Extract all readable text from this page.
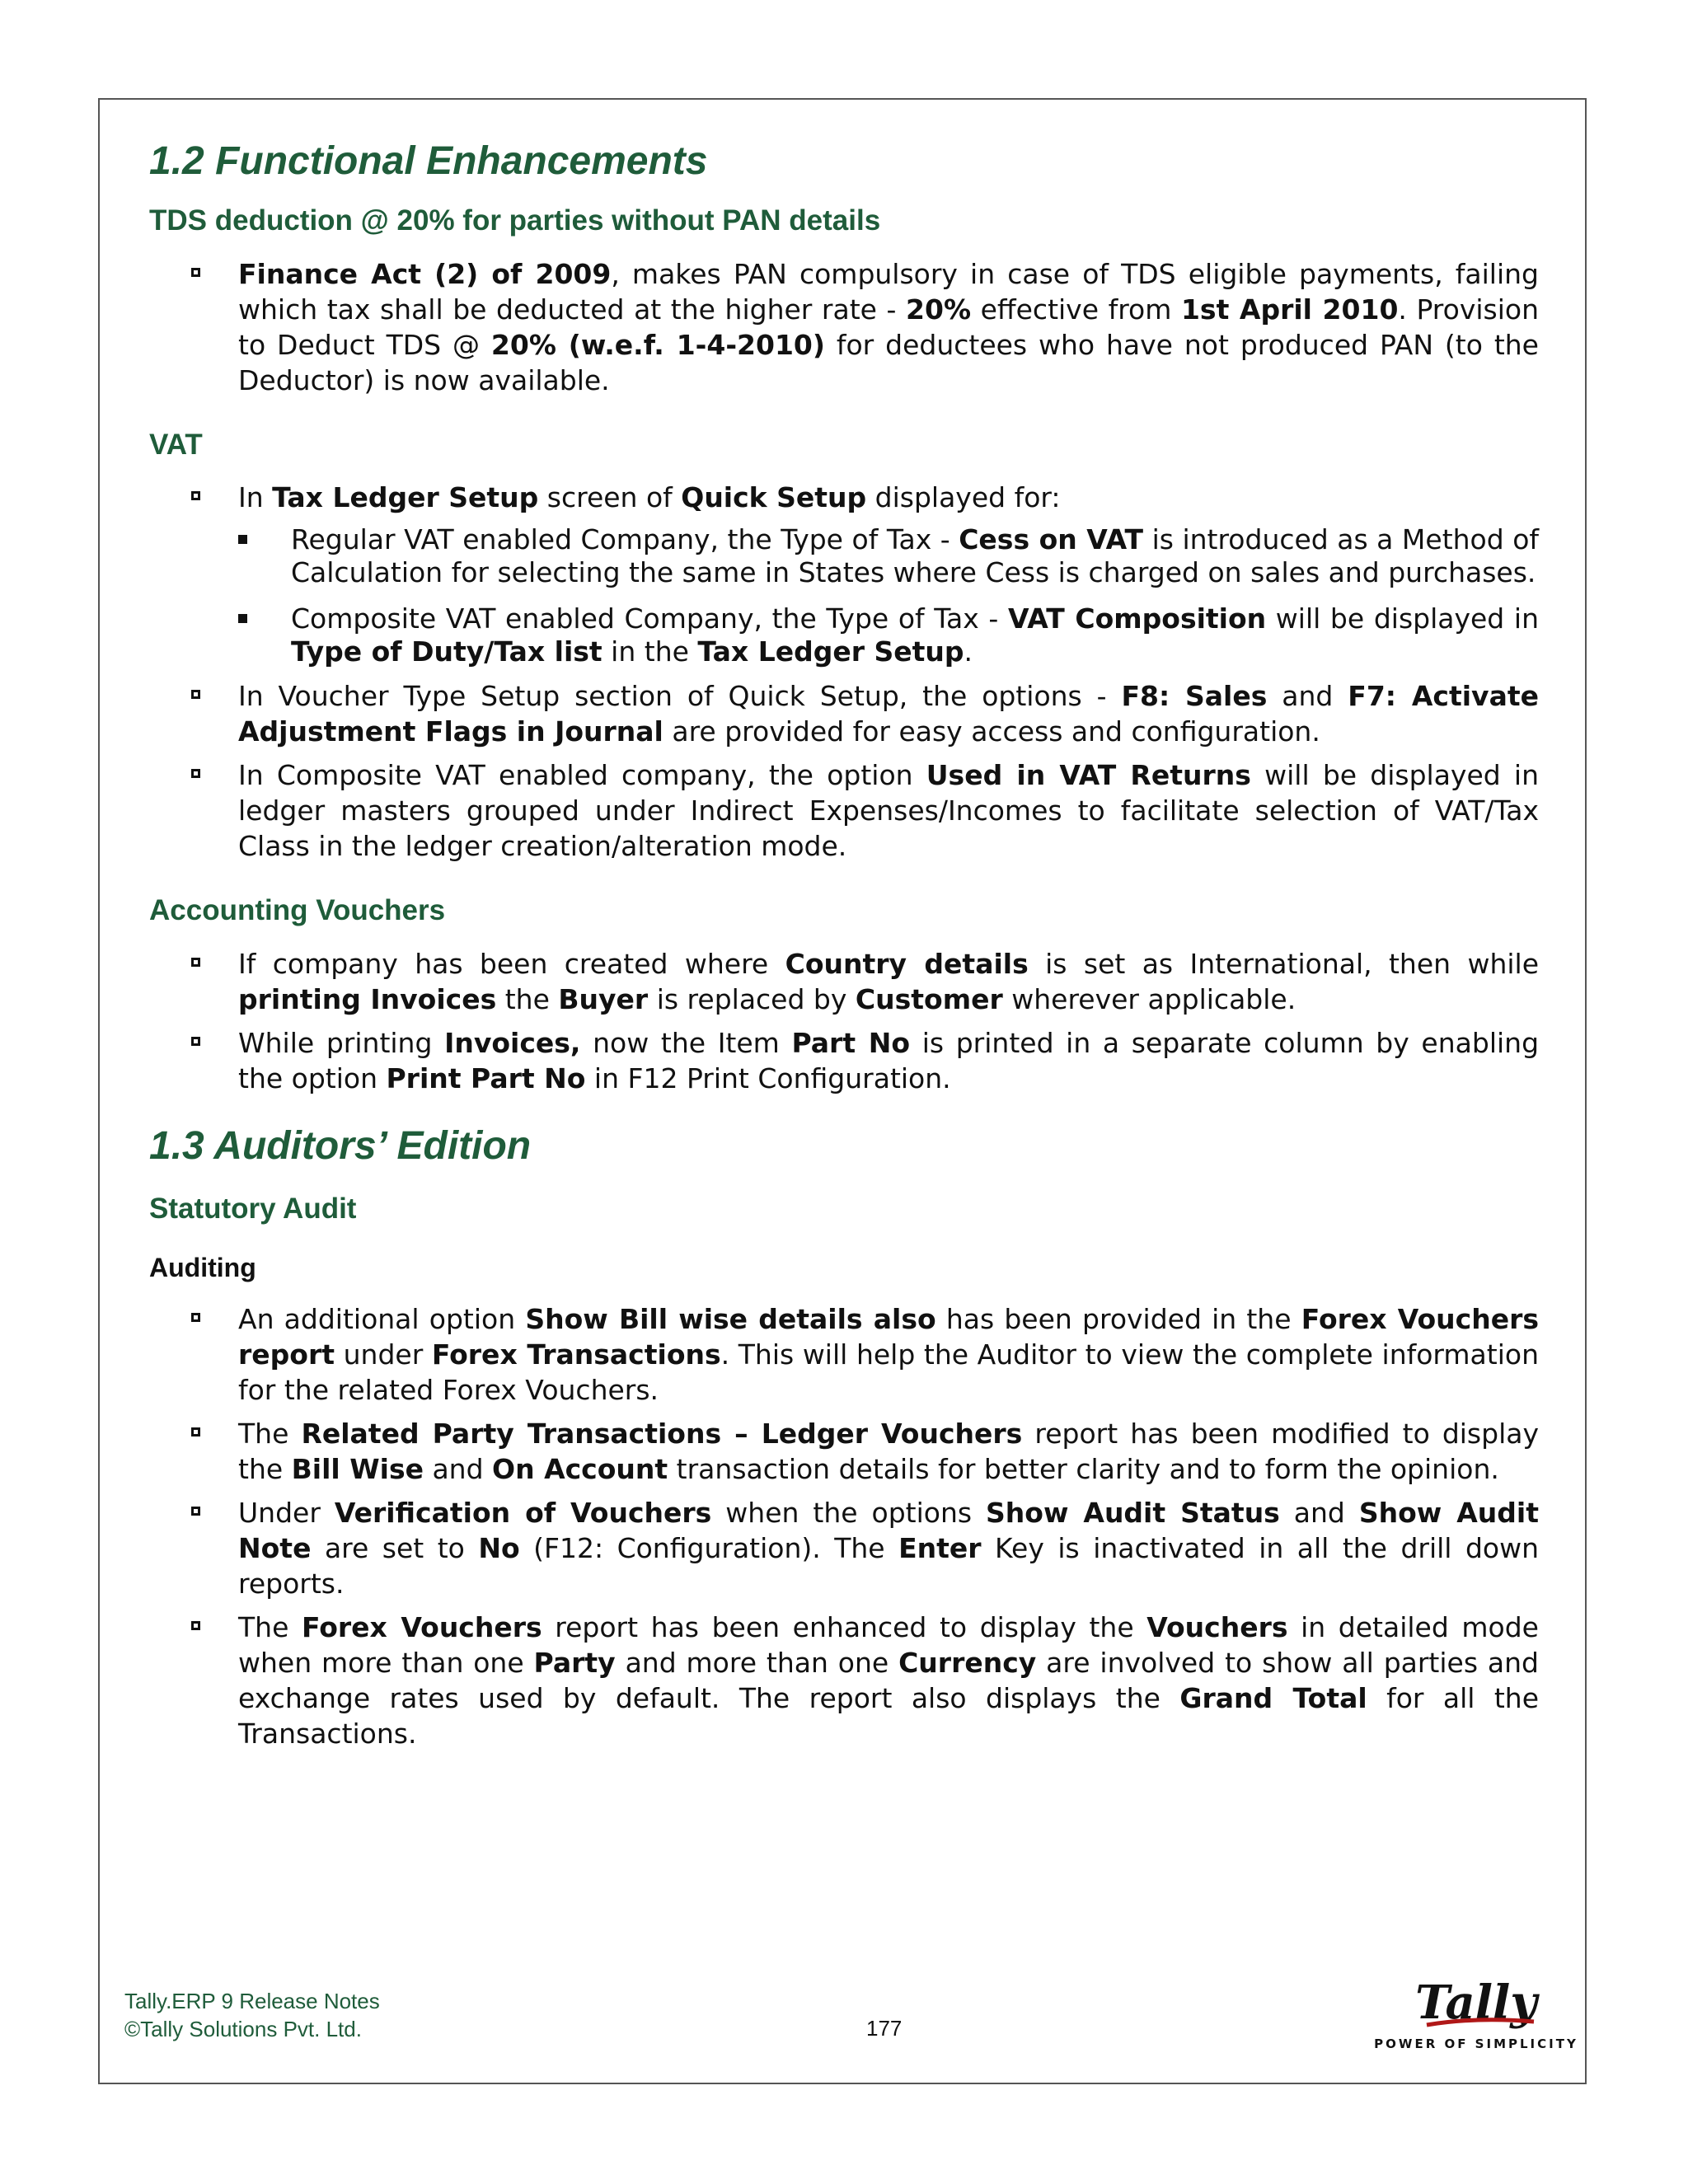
1.2 Functional Enhancements
TDS deduction @ 20% for parties without PAN details
Finance Act (2) of 2009, makes PAN compulsory in case of TDS eligible payments, failing which tax shall be deducted at the higher rate - 20% effective from 1st April 2010. Provision to Deduct TDS @ 20% (w.e.f. 1-4-2010) for deductees who have not produced PAN (to the Deductor) is now available.
VAT
In Tax Ledger Setup screen of Quick Setup displayed for:
Regular VAT enabled Company, the Type of Tax - Cess on VAT is introduced as a Method of Calculation for selecting the same in States where Cess is charged on sales and purchases.
Composite VAT enabled Company, the Type of Tax - VAT Composition will be displayed in Type of Duty/Tax list in the Tax Ledger Setup.
In Voucher Type Setup section of Quick Setup, the options - F8: Sales and F7: Activate Adjustment Flags in Journal are provided for easy access and configuration.
In Composite VAT enabled company, the option Used in VAT Returns will be displayed in ledger masters grouped under Indirect Expenses/Incomes to facilitate selection of VAT/Tax Class in the ledger creation/alteration mode.
Accounting Vouchers
If company has been created where Country details is set as International, then while printing Invoices the Buyer is replaced by Customer wherever applicable.
While printing Invoices, now the Item Part No is printed in a separate column by enabling the option Print Part No in F12 Print Configuration.
1.3 Auditors’ Edition
Statutory Audit
Auditing
An additional option Show Bill wise details also has been provided in the Forex Vouchers report under Forex Transactions. This will help the Auditor to view the complete information for the related Forex Vouchers.
The Related Party Transactions – Ledger Vouchers report has been modified to display the Bill Wise and On Account transaction details for better clarity and to form the opinion.
Under Verification of Vouchers when the options Show Audit Status and Show Audit Note are set to No (F12: Configuration). The Enter Key is inactivated in all the drill down reports.
The Forex Vouchers report has been enhanced to display the Vouchers in detailed mode when more than one Party and more than one Currency are involved to show all parties and exchange rates used by default. The report also displays the Grand Total for all the Transactions.
Tally.ERP 9 Release Notes
©Tally Solutions Pvt. Ltd.	177	Tally
POWER OF SIMPLICITY
